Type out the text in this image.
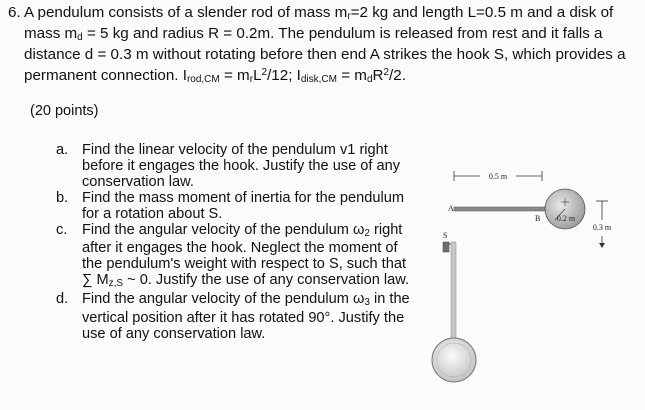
6. A pendulum consists of a slender rod of mass $m_r=2$ kg and length L=0.5 m and a disk of mass $m_d = 5$ kg and radius R = 0.2m. The pendulum is released from rest and it falls a distance d = 0.3 m without rotating before then end A strikes the hook S, which provides a permanent connection. $I_{rod,CM} = m_rL^2/12$; $I_{disk,CM} = m_dR^2/2$.
(20 points)
a. Find the linear velocity of the pendulum v1 right before it engages the hook. Justify the use of any conservation law.
b. Find the mass moment of inertia for the pendulum for a rotation about S.
c. Find the angular velocity of the pendulum $\omega_2$ right after it engages the hook. Neglect the moment of the pendulum's weight with respect to S, such that ∑ $M_{z,S}$ ~ 0. Justify the use of any conservation law.
d. Find the angular velocity of the pendulum $\omega_3$ in the vertical position after it has rotated 90°. Justify the use of any conservation law.
0.5 m
A
B 0.2 m
0.3 m
S
